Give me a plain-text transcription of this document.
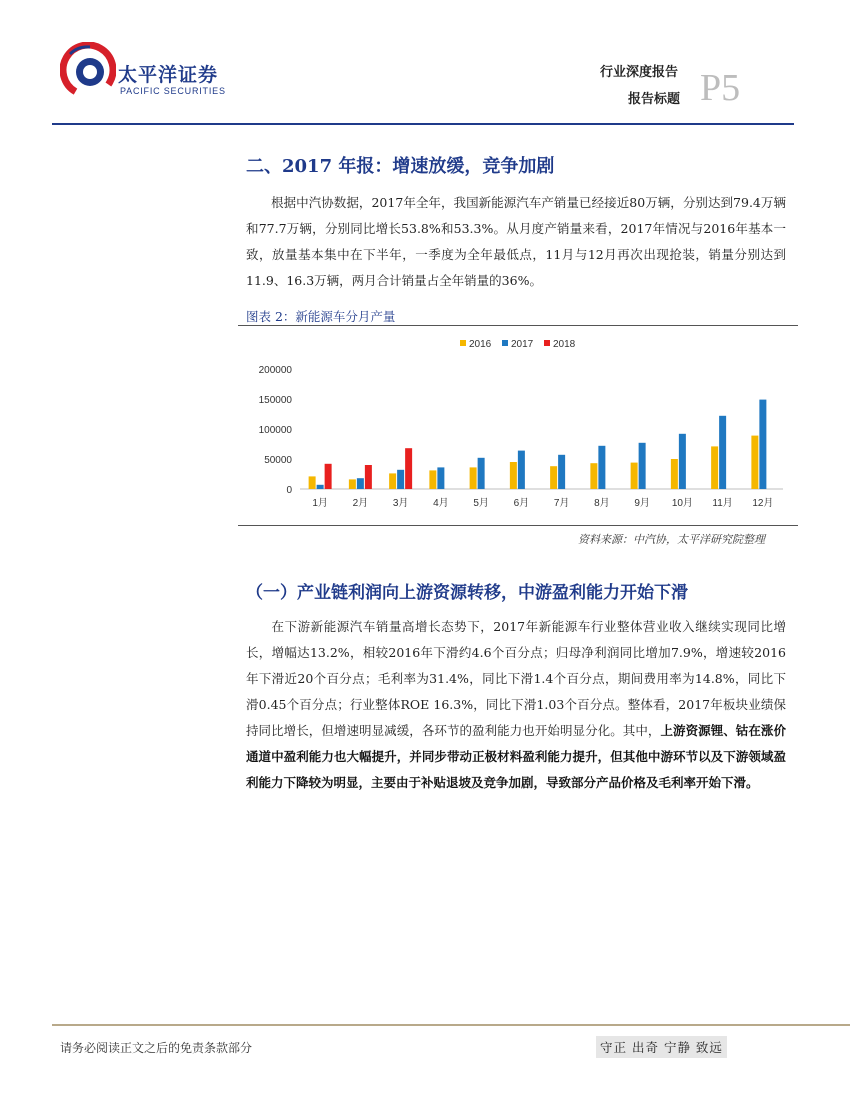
太平洋证券
PACIFIC SECURITIES
行业深度报告
报告标题 P5
二、2017 年报：增速放缓，竞争加剧

根据中汽协数据，2017年全年，我国新能源汽车产销量已经接近80万辆，分别达到79.4万辆和77.7万辆，分别同比增长53.8%和53.3%。从月度产销量来看，2017年情况与2016年基本一致，放量基本集中在下半年，一季度为全年最低点，11月与12月再次出现抢装，销量分别达到11.9、16.3万辆，两月合计销量占全年销量的36%。

图表 2：新能源车分月产量
0
50000
100000
150000
200000
2016 2017 2018
1月 2月 3月 4月 5月 6月 7月 8月 9月 10月 11月 12月
资料来源：中汽协，太平洋研究院整理
（一）产业链利润向上游资源转移，中游盈利能力开始下滑

在下游新能源汽车销量高增长态势下，2017年新能源车行业整体营业收入继续实现同比增长，增幅达13.2%，相较2016年下滑约4.6个百分点；归母净利润同比增加7.9%，增速较2016年下滑近20个百分点；毛利率为31.4%，同比下滑1.4个百分点，期间费用率为14.8%，同比下滑0.45个百分点；行业整体ROE 16.3%，同比下滑1.03个百分点。整体看，2017年板块业绩保持同比增长，但增速明显减缓，各环节的盈利能力也开始明显分化。其中，上游资源锂、钴在涨价通道中盈利能力也大幅提升，并同步带动正极材料盈利能力提升，但其他中游环节以及下游领域盈利能力下降较为明显，主要由于补贴退坡及竞争加剧，导致部分产品价格及毛利率开始下滑。

请务必阅读正文之后的免责条款部分	守正 出奇 宁静 致远
